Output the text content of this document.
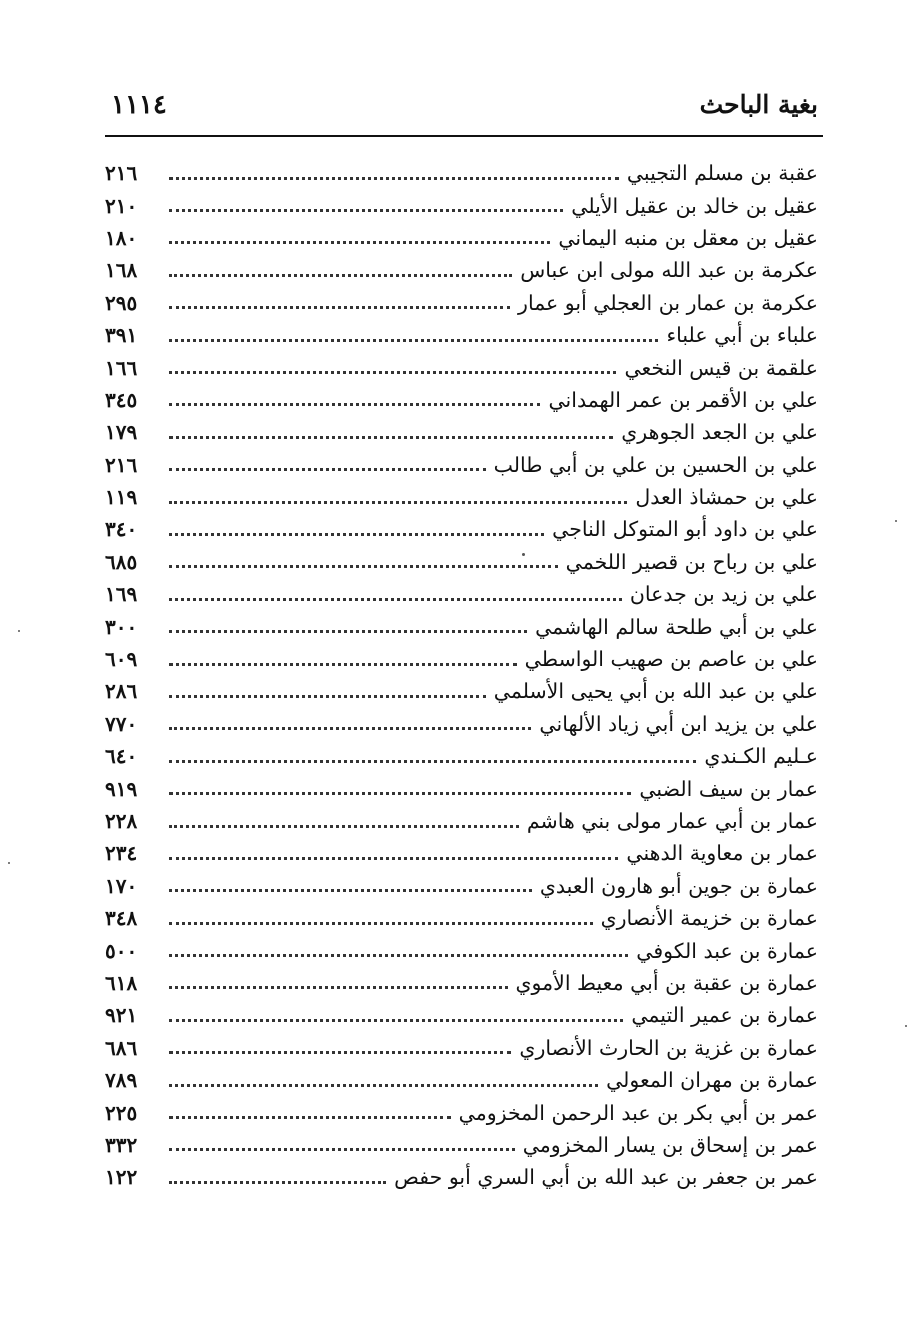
١١١٤	بغية الباحث
عقبة بن مسلم التجيبي
٢١٦
عقيل بن خالد بن عقيل الأيلي
٢١٠
عقيل بن معقل بن منبه اليماني
١٨٠
عكرمة بن عبد الله مولى ابن عباس
١٦٨
عكرمة بن عمار بن العجلي أبو عمار
٢٩٥
علباء بن أبي علباء
٣٩١
علقمة بن قيس النخعي
١٦٦
علي بن الأقمر بن عمر الهمداني
٣٤٥
علي بن الجعد الجوهري
١٧٩
علي بن الحسين بن علي بن أبي طالب
٢١٦
علي بن حمشاذ العدل
١١٩
علي بن داود أبو المتوكل الناجي
٣٤٠
علي بن رباح بن قصير اللخمي
٦٨٥
علي بن زيد بن جدعان
١٦٩
علي بن أبي طلحة سالم الهاشمي
٣٠٠
علي بن عاصم بن صهيب الواسطي
٦٠٩
علي بن عبد الله بن أبي يحيى الأسلمي
٢٨٦
علي بن يزيد ابن أبي زياد الألهاني
٧٧٠
عـليم الكـندي
٦٤٠
عمار بن سيف الضبي
٩١٩
عمار بن أبي عمار مولى بني هاشم
٢٢٨
عمار بن معاوية الدهني
٢٣٤
عمارة بن جوين أبو هارون العبدي
١٧٠
عمارة بن خزيمة الأنصاري
٣٤٨
عمارة بن عبد الكوفي
٥٠٠
عمارة بن عقبة بن أبي معيط الأموي
٦١٨
عمارة بن عمير التيمي
٩٢١
عمارة بن غزية بن الحارث الأنصاري
٦٨٦
عمارة بن مهران المعولي
٧٨٩
عمر بن أبي بكر بن عبد الرحمن المخزومي
٢٢٥
عمر بن إسحاق بن يسار المخزومي
٣٣٢
عمر بن جعفر بن عبد الله بن أبي السري أبو حفص
١٢٢
